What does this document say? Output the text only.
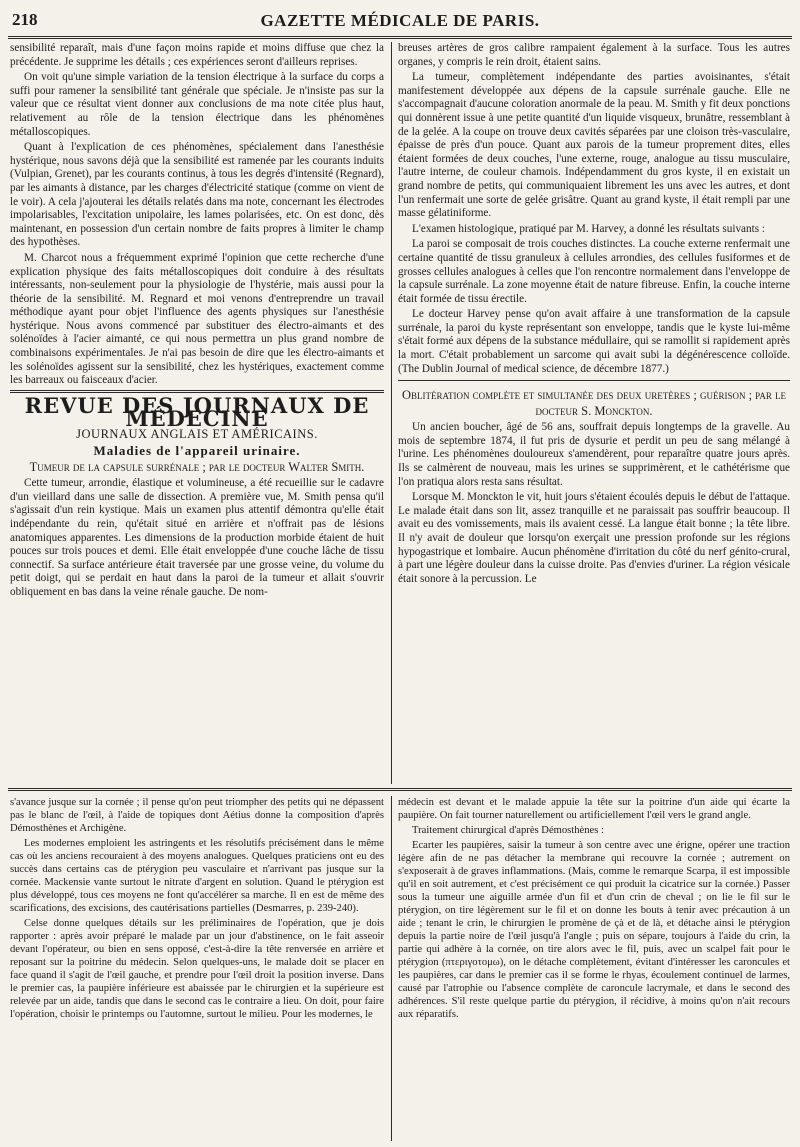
218	GAZETTE MÉDICALE DE PARIS.

sensibilité reparaît, mais d'une façon moins rapide et moins diffuse que chez la précédente. Je supprime les détails ; ces expériences seront d'ailleurs reprises.

On voit qu'une simple variation de la tension électrique à la surface du corps a suffi pour ramener la sensibilité tant générale que spéciale. Je n'insiste pas sur la valeur que ce résultat vient donner aux conclusions de ma note citée plus haut, relativement au rôle de la tension électrique dans les phénomènes métalloscopiques.

Quant à l'explication de ces phénomènes, spécialement dans l'anesthésie hystérique, nous savons déjà que la sensibilité est ramenée par les courants induits (Vulpian, Grenet), par les courants continus, à tous les degrés d'intensité (Regnard), par les aimants à distance, par les charges d'électricité statique (comme on vient de le voir). A cela j'ajouterai les détails relatés dans ma note, concernant les électrodes impolarisables, l'excitation unipolaire, les lames polarisées, etc. On est donc, dès maintenant, en possession d'un certain nombre de faits propres à limiter le champ des hypothèses.

M. Charcot nous a fréquemment exprimé l'opinion que cette recherche d'une explication physique des faits métalloscopiques doit conduire à des résultats intéressants, non-seulement pour la physiologie de l'hystérie, mais aussi pour la théorie de la sensibilité. M. Regnard et moi venons d'entreprendre un travail méthodique ayant pour objet l'influence des agents physiques sur l'anesthésie hystérique. Nous avons commencé par substituer des électro-aimants et des solénoïdes à l'acier aimanté, ce qui nous permettra un plus grand nombre de combinaisons expérimentales. Je n'ai pas besoin de dire que les électro-aimants et les solénoïdes agissent sur la sensibilité, chez les hystériques, exactement comme les barreaux ou faisceaux d'acier.

REVUE DES JOURNAUX DE MÉDECINE

JOURNAUX ANGLAIS ET AMÉRICAINS.

Maladies de l'appareil urinaire.

Tumeur de la capsule surrénale ; par le docteur Walter Smith.

Cette tumeur, arrondie, élastique et volumineuse, a été recueillie sur le cadavre d'un vieillard dans une salle de dissection. A première vue, M. Smith pensa qu'il s'agissait d'un rein kystique. Mais un examen plus attentif démontra qu'elle était indépendante du rein, qu'était situé en arrière et n'offrait pas de lésions anatomiques apparentes. Les dimensions de la production morbide étaient de huit pouces sur trois pouces et demi. Elle était enveloppée d'une couche lâche de tissu connectif. Sa surface antérieure était traversée par une grosse veine, du volume du petit doigt, qui se perdait en haut dans la paroi de la tumeur et allait s'ouvrir obliquement en bas dans la veine rénale gauche. De nom-

breuses artères de gros calibre rampaient également à la surface. Tous les autres organes, y compris le rein droit, étaient sains.

La tumeur, complètement indépendante des parties avoisinantes, s'était manifestement développée aux dépens de la capsule surrénale gauche. Elle ne s'accompagnait d'aucune coloration anormale de la peau. M. Smith y fit deux ponctions qui donnèrent issue à une petite quantité d'un liquide visqueux, brunâtre, ressemblant à de la gelée. A la coupe on trouve deux cavités séparées par une cloison très-vasculaire, épaisse de près d'un pouce. Quant aux parois de la tumeur proprement dites, elles étaient formées de deux couches, l'une externe, rouge, analogue au tissu musculaire, l'autre interne, de couleur chamois. Indépendamment du gros kyste, il en existait un grand nombre de petits, qui communiquaient librement les uns avec les autres, et dont l'un renfermait une sorte de gelée grisâtre. Quant au grand kyste, il était rempli par une masse gélatiniforme.

L'examen histologique, pratiqué par M. Harvey, a donné les résultats suivants :

La paroi se composait de trois couches distinctes. La couche externe renfermait une certaine quantité de tissu granuleux à cellules arrondies, des cellules fusiformes et de grosses cellules analogues à celles que l'on rencontre normalement dans l'enveloppe de la capsule surrénale. La zone moyenne était de nature fibreuse. Enfin, la couche interne était formée de tissu érectile.

Le docteur Harvey pense qu'on avait affaire à une transformation de la capsule surrénale, la paroi du kyste représentant son enveloppe, tandis que le kyste lui-même s'était formé aux dépens de la substance médullaire, qui se ramollit si rapidement après la mort. C'était probablement un sarcome qui avait subi la dégénérescence colloïde. (The Dublin Journal of medical science, de décembre 1877.)

Oblitération complète et simultanée des deux uretères ; guérison ; par le docteur S. Monckton.

Un ancien boucher, âgé de 56 ans, souffrait depuis longtemps de la gravelle. Au mois de septembre 1874, il fut pris de dysurie et perdit un peu de sang mélangé à l'urine. Les phénomènes douloureux s'amendèrent, pour reparaître quatre jours après. Ils se calmèrent de nouveau, mais les urines se supprimèrent, et le cathétérisme que l'on pratiqua alors resta sans résultat.

Lorsque M. Monckton le vit, huit jours s'étaient écoulés depuis le début de l'attaque. Le malade était dans son lit, assez tranquille et ne paraissait pas souffrir beaucoup. Il avait eu des vomissements, mais ils avaient cessé. La langue était bonne ; la tête libre. Il n'y avait de douleur que lorsqu'on exerçait une pression profonde sur les régions hypogastrique et lombaire. Aucun phénomène d'irritation du côté du nerf génito-crural, à part une légère douleur dans la cuisse droite. Pas d'envies d'uriner. La région vésicale était sonore à la percussion. Le

s'avance jusque sur la cornée ; il pense qu'on peut triompher des petits qui ne dépassent pas le blanc de l'œil, à l'aide de topiques dont Aétius donne la composition d'après Démosthènes et Archigène.

Les modernes emploient les astringents et les résolutifs précisément dans le même cas où les anciens recouraient à des moyens analogues. Quelques praticiens ont eu des succès dans certains cas de ptérygion peu vasculaire et n'arrivant pas jusque sur la cornée. Mackensie vante surtout le nitrate d'argent en solution. Quand le ptérygion est plus développé, tous ces moyens ne font qu'accélérer sa marche. Il en est de même des scarifications, des excisions, des cautérisations partielles (Desmarres, p. 239-240).

Celse donne quelques détails sur les préliminaires de l'opération, que je dois rapporter : après avoir préparé le malade par un jour d'abstinence, on le fait asseoir devant l'opérateur, ou bien en sens opposé, c'est-à-dire la tête renversée en arrière et reposant sur la poitrine du médecin. Selon quelques-uns, le malade doit se placer en face quand il s'agit de l'œil gauche, et prendre pour l'œil droit la position inverse. Dans le premier cas, la paupière inférieure est abaissée par le chirurgien et la supérieure est relevée par un aide, tandis que dans le second cas le contraire a lieu. On doit, pour faire l'opération, choisir le printemps ou l'automne, surtout le milieu. Pour les modernes, le

médecin est devant et le malade appuie la tête sur la poitrine d'un aide qui écarte la paupière. On fait tourner naturellement ou artificiellement l'œil vers le grand angle.

Traitement chirurgical d'après Démosthènes :

Ecarter les paupières, saisir la tumeur à son centre avec une érigne, opérer une traction légère afin de ne pas détacher la membrane qui recouvre la cornée ; autrement on s'exposerait à de graves inflammations. (Mais, comme le remarque Scarpa, il est impossible qu'il en soit autrement, et c'est précisément ce qui produit la cicatrice sur la cornée.) Passer sous la tumeur une aiguille armée d'un fil et d'un crin de cheval ; on lie le fil sur le ptérygion, on tire légèrement sur le fil et on donne les bouts à tenir avec précaution à un aide ; tenant le crin, le chirurgien le promène de çà et de là, et détache ainsi le ptérygion depuis la partie noire de l'œil jusqu'à l'angle ; puis on sépare, toujours à l'aide du crin, la partie qui adhère à la cornée, on tire alors avec le fil, puis, avec un scalpel fait pour le ptérygion (πτεριγοτομω), on le détache complètement, évitant d'intéresser les caroncules et les paupières, car dans le premier cas il se forme le rhyas, écoulement continuel de larmes, causé par l'atrophie ou l'absence complète de caroncule lacrymale, et dans le second des adhérences. S'il reste quelque partie du ptérygion, il récidive, à moins qu'on n'ait recours aux réparatifs.
